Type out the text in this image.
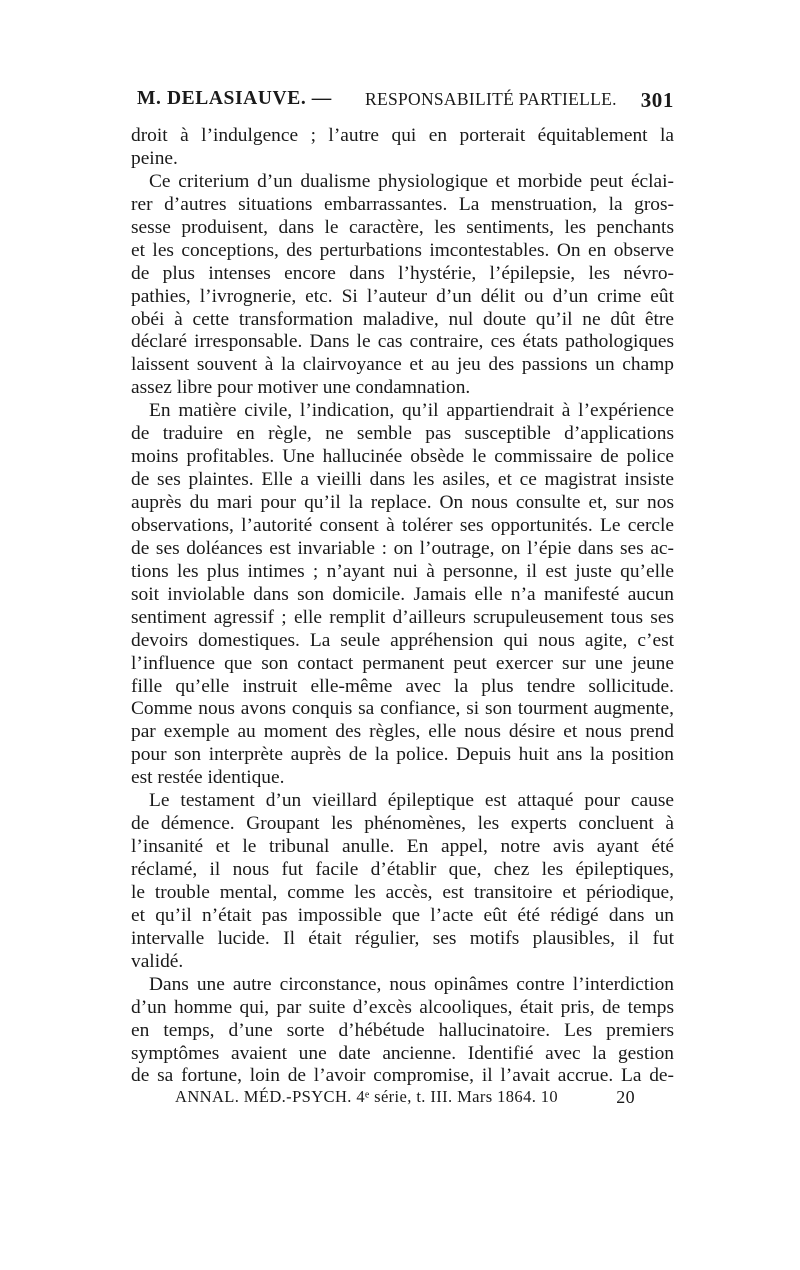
M. DELASIAUVE. — RESPONSABILITÉ PARTIELLE. 301
droit à l’indulgence ; l’autre qui en porterait équitablement la
peine.
Ce criterium d’un dualisme physiologique et morbide peut éclai-
rer d’autres situations embarrassantes. La menstruation, la gros-
sesse produisent, dans le caractère, les sentiments, les penchants
et les conceptions, des perturbations imcontestables. On en observe
de plus intenses encore dans l’hystérie, l’épilepsie, les névro-
pathies, l’ivrognerie, etc. Si l’auteur d’un délit ou d’un crime eût
obéi à cette transformation maladive, nul doute qu’il ne dût être
déclaré irresponsable. Dans le cas contraire, ces états pathologiques
laissent souvent à la clairvoyance et au jeu des passions un champ
assez libre pour motiver une condamnation.
En matière civile, l’indication, qu’il appartiendrait à l’expérience
de traduire en règle, ne semble pas susceptible d’applications
moins profitables. Une hallucinée obsède le commissaire de police
de ses plaintes. Elle a vieilli dans les asiles, et ce magistrat insiste
auprès du mari pour qu’il la replace. On nous consulte et, sur nos
observations, l’autorité consent à tolérer ses opportunités. Le cercle
de ses doléances est invariable : on l’outrage, on l’épie dans ses ac-
tions les plus intimes ; n’ayant nui à personne, il est juste qu’elle
soit inviolable dans son domicile. Jamais elle n’a manifesté aucun
sentiment agressif ; elle remplit d’ailleurs scrupuleusement tous ses
devoirs domestiques. La seule appréhension qui nous agite, c’est
l’influence que son contact permanent peut exercer sur une jeune
fille qu’elle instruit elle-même avec la plus tendre sollicitude.
Comme nous avons conquis sa confiance, si son tourment augmente,
par exemple au moment des règles, elle nous désire et nous prend
pour son interprète auprès de la police. Depuis huit ans la position
est restée identique.
Le testament d’un vieillard épileptique est attaqué pour cause
de démence. Groupant les phénomènes, les experts concluent à
l’insanité et le tribunal anulle. En appel, notre avis ayant été
réclamé, il nous fut facile d’établir que, chez les épileptiques,
le trouble mental, comme les accès, est transitoire et périodique,
et qu’il n’était pas impossible que l’acte eût été rédigé dans un
intervalle lucide. Il était régulier, ses motifs plausibles, il fut
validé.
Dans une autre circonstance, nous opinâmes contre l’interdiction
d’un homme qui, par suite d’excès alcooliques, était pris, de temps
en temps, d’une sorte d’hébétude hallucinatoire. Les premiers
symptômes avaient une date ancienne. Identifié avec la gestion
de sa fortune, loin de l’avoir compromise, il l’avait accrue. La de-
ANNAL. MÉD.-PSYCH. 4ᵉ série, t. III. Mars 1864. 10	20
